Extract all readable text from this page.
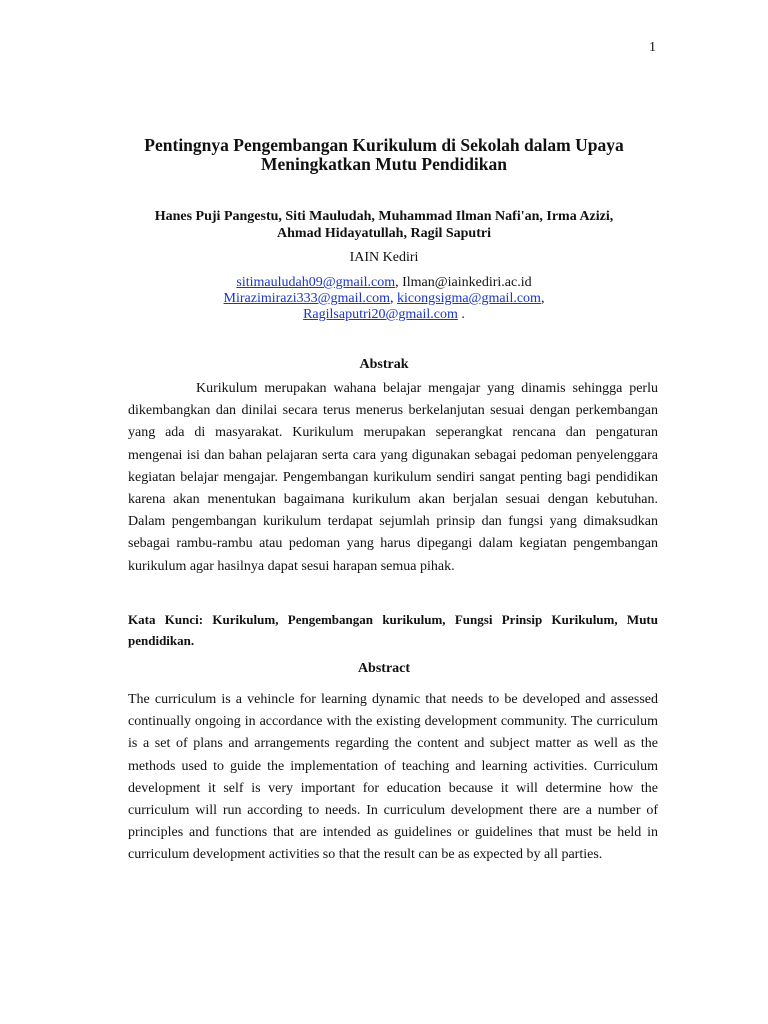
1
Pentingnya Pengembangan Kurikulum di Sekolah dalam Upaya
Meningkatkan Mutu Pendidikan
Hanes Puji Pangestu, Siti Mauludah, Muhammad Ilman Nafi'an, Irma Azizi,
Ahmad Hidayatullah, Ragil Saputri
IAIN Kediri
sitimauludah09@gmail.com, Ilman@iainkediri.ac.id
Mirazimirazi333@gmail.com, kicongsigma@gmail.com,
Ragilsaputri20@gmail.com .
Abstrak
Kurikulum merupakan wahana belajar mengajar yang dinamis sehingga perlu dikembangkan dan dinilai secara terus menerus berkelanjutan sesuai dengan perkembangan yang ada di masyarakat. Kurikulum merupakan seperangkat rencana dan pengaturan mengenai isi dan bahan pelajaran serta cara yang digunakan sebagai pedoman penyelenggara kegiatan belajar mengajar. Pengembangan kurikulum sendiri sangat penting bagi pendidikan karena akan menentukan bagaimana kurikulum akan berjalan sesuai dengan kebutuhan. Dalam pengembangan kurikulum terdapat sejumlah prinsip dan fungsi yang dimaksudkan sebagai rambu-rambu atau pedoman yang harus dipegangi dalam kegiatan pengembangan kurikulum agar hasilnya dapat sesui harapan semua pihak.
Kata Kunci: Kurikulum, Pengembangan kurikulum, Fungsi Prinsip Kurikulum, Mutu pendidikan.
Abstract
The curriculum is a vehincle for learning dynamic that needs to be developed and assessed continually ongoing in accordance with the existing development community. The curriculum is a set of plans and arrangements regarding the content and subject matter as well as the methods used to guide the implementation of teaching and learning activities. Curriculum development it self is very important for education because it will determine how the curriculum will run according to needs. In curriculum development there are a number of principles and functions that are intended as guidelines or guidelines that must be held in curriculum development activities so that the result can be as expected by all parties.
